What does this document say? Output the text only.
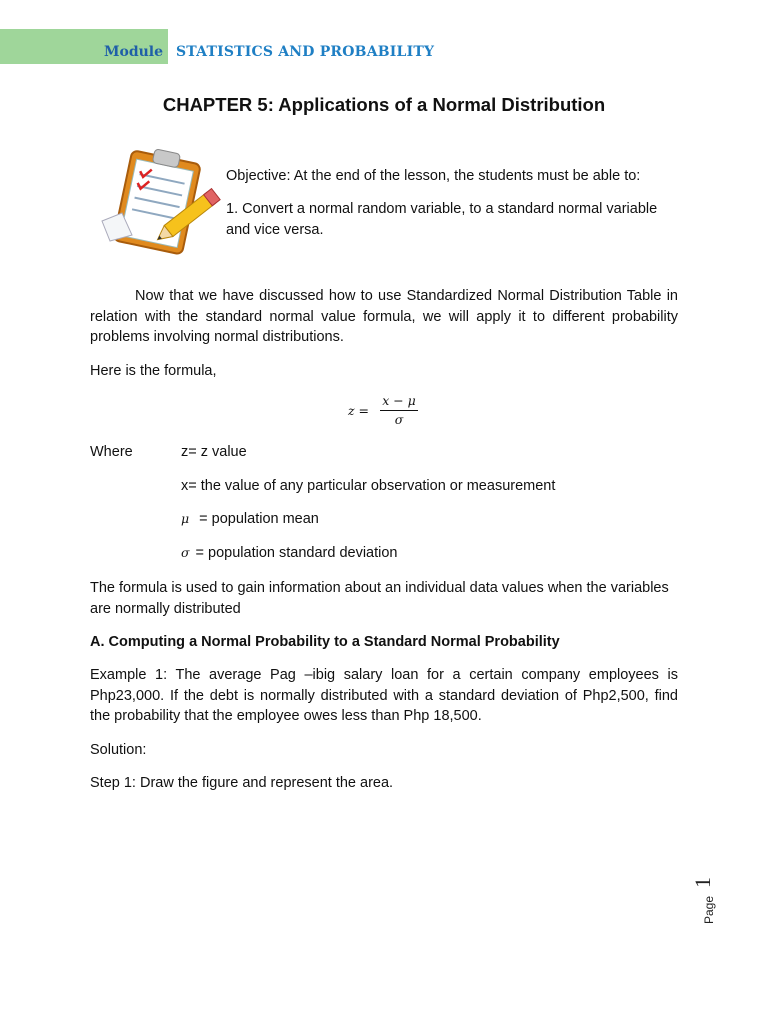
Module STATISTICS AND PROBABILITY
CHAPTER 5: Applications of a Normal Distribution

Objective: At the end of the lesson, the students must be able to:

1. Convert a normal random variable, to a standard normal variable and vice versa.

Now that we have discussed how to use Standardized Normal Distribution Table in relation with the standard normal value formula, we will apply it to different probability problems involving normal distributions.

Here is the formula,

z =
x − μ
σ

Where	z= z value

x= the value of any particular observation or measurement

μ = population mean

σ = population standard deviation

The formula is used to gain information about an individual data values when the variables are normally distributed

A. Computing a Normal Probability to a Standard Normal Probability

Example 1: The average Pag –ibig salary loan for a certain company employees is Php23,000. If the debt is normally distributed with a standard deviation of Php2,500, find the probability that the employee owes less than Php 18,500.

Solution:

Step 1: Draw the figure and represent the area.

Page
1
